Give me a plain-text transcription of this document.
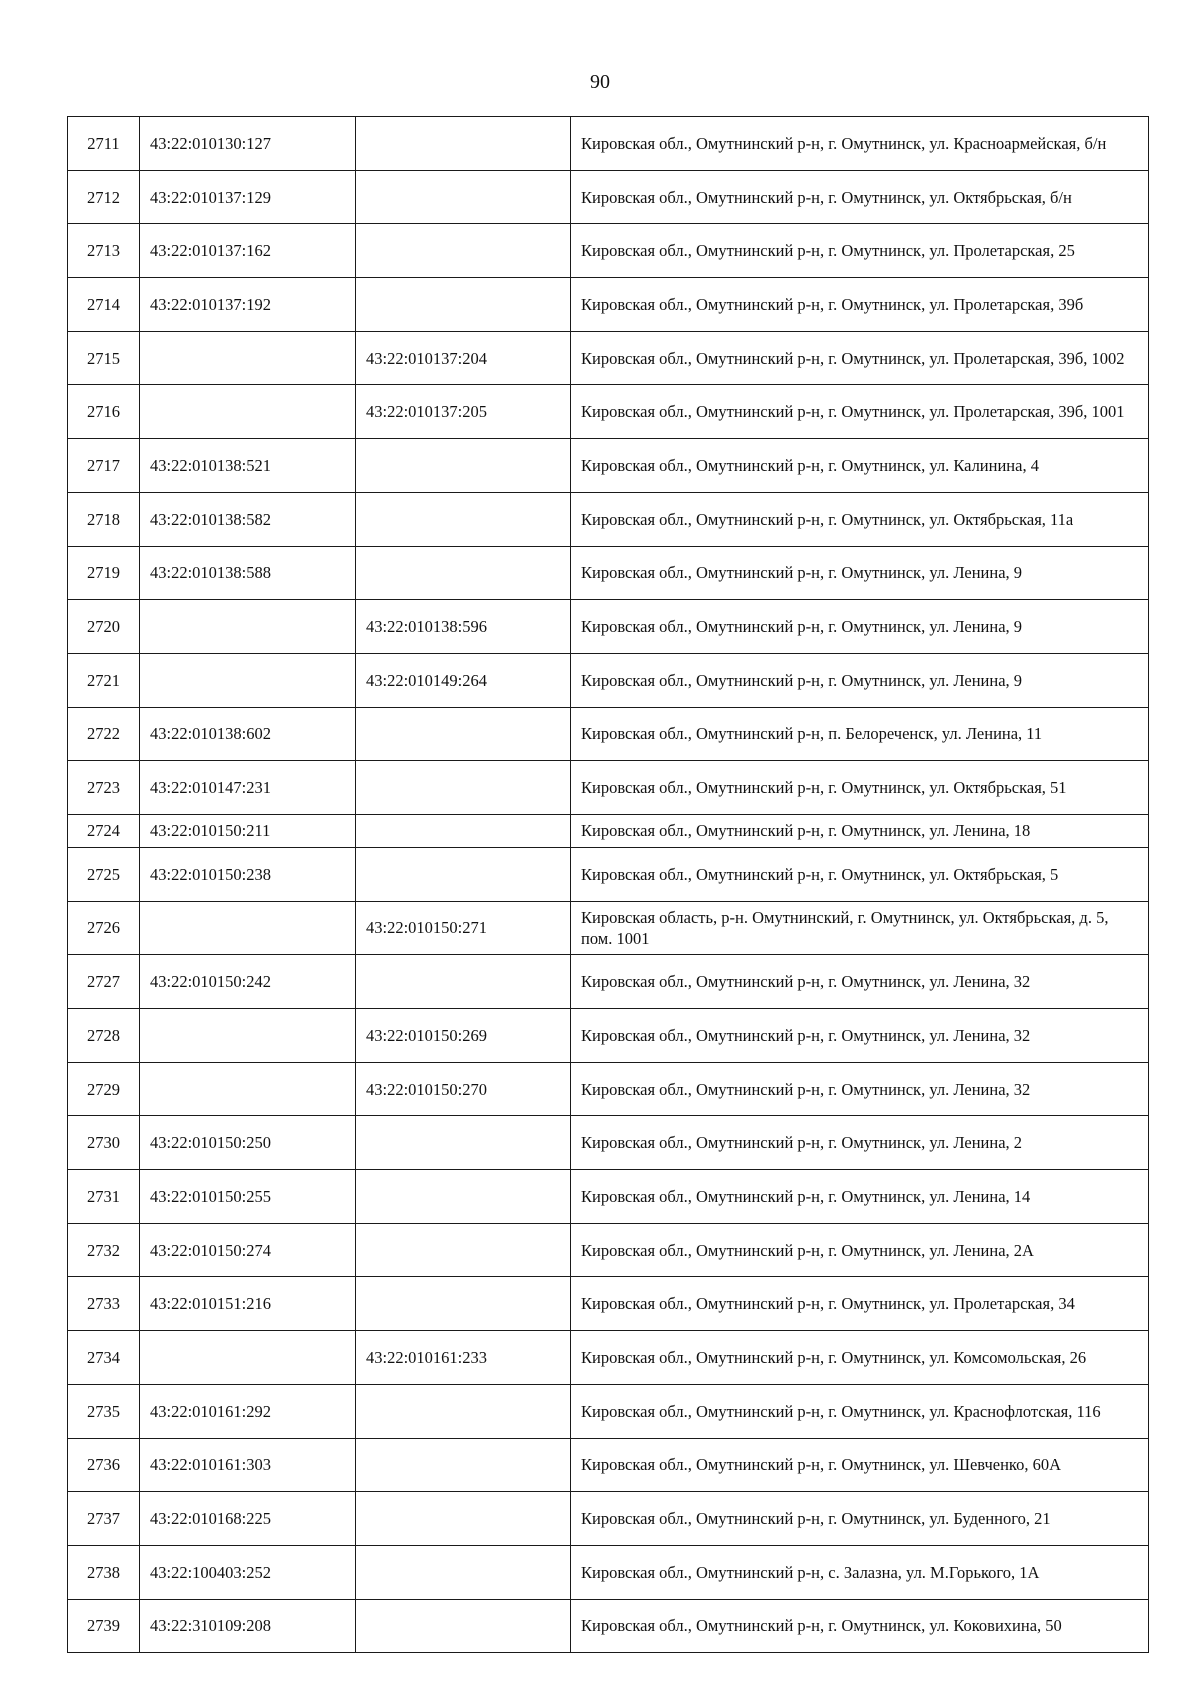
90
2711	43:22:010130:127		Кировская обл., Омутнинский р-н, г. Омутнинск, ул. Красноармейская, б/н
2712	43:22:010137:129		Кировская обл., Омутнинский р-н, г. Омутнинск, ул. Октябрьская, б/н
2713	43:22:010137:162		Кировская обл., Омутнинский р-н, г. Омутнинск, ул. Пролетарская, 25
2714	43:22:010137:192		Кировская обл., Омутнинский р-н, г. Омутнинск, ул. Пролетарская, 39б
2715		43:22:010137:204	Кировская обл., Омутнинский р-н, г. Омутнинск, ул. Пролетарская, 39б, 1002
2716		43:22:010137:205	Кировская обл., Омутнинский р-н, г. Омутнинск, ул. Пролетарская, 39б, 1001
2717	43:22:010138:521		Кировская обл., Омутнинский р-н, г. Омутнинск, ул. Калинина, 4
2718	43:22:010138:582		Кировская обл., Омутнинский р-н, г. Омутнинск, ул. Октябрьская, 11а
2719	43:22:010138:588		Кировская обл., Омутнинский р-н, г. Омутнинск, ул. Ленина, 9
2720		43:22:010138:596	Кировская обл., Омутнинский р-н, г. Омутнинск, ул. Ленина, 9
2721		43:22:010149:264	Кировская обл., Омутнинский р-н, г. Омутнинск, ул. Ленина, 9
2722	43:22:010138:602		Кировская обл., Омутнинский р-н, п. Белореченск, ул. Ленина, 11
2723	43:22:010147:231		Кировская обл., Омутнинский р-н, г. Омутнинск, ул. Октябрьская, 51
2724	43:22:010150:211		Кировская обл., Омутнинский р-н, г. Омутнинск, ул. Ленина, 18
2725	43:22:010150:238		Кировская обл., Омутнинский р-н, г. Омутнинск, ул. Октябрьская, 5
2726		43:22:010150:271	Кировская область, р-н. Омутнинский, г. Омутнинск, ул. Октябрьская, д. 5, пом. 1001
2727	43:22:010150:242		Кировская обл., Омутнинский р-н, г. Омутнинск, ул. Ленина, 32
2728		43:22:010150:269	Кировская обл., Омутнинский р-н, г. Омутнинск, ул. Ленина, 32
2729		43:22:010150:270	Кировская обл., Омутнинский р-н, г. Омутнинск, ул. Ленина, 32
2730	43:22:010150:250		Кировская обл., Омутнинский р-н, г. Омутнинск, ул. Ленина, 2
2731	43:22:010150:255		Кировская обл., Омутнинский р-н, г. Омутнинск, ул. Ленина, 14
2732	43:22:010150:274		Кировская обл., Омутнинский р-н, г. Омутнинск, ул. Ленина, 2А
2733	43:22:010151:216		Кировская обл., Омутнинский р-н, г. Омутнинск, ул. Пролетарская, 34
2734		43:22:010161:233	Кировская обл., Омутнинский р-н, г. Омутнинск, ул. Комсомольская, 26
2735	43:22:010161:292		Кировская обл., Омутнинский р-н, г. Омутнинск, ул. Краснофлотская, 116
2736	43:22:010161:303		Кировская обл., Омутнинский р-н, г. Омутнинск, ул. Шевченко, 60А
2737	43:22:010168:225		Кировская обл., Омутнинский р-н, г. Омутнинск, ул. Буденного, 21
2738	43:22:100403:252		Кировская обл., Омутнинский р-н, с. Залазна, ул. М.Горького, 1А
2739	43:22:310109:208		Кировская обл., Омутнинский р-н, г. Омутнинск, ул. Коковихина, 50
